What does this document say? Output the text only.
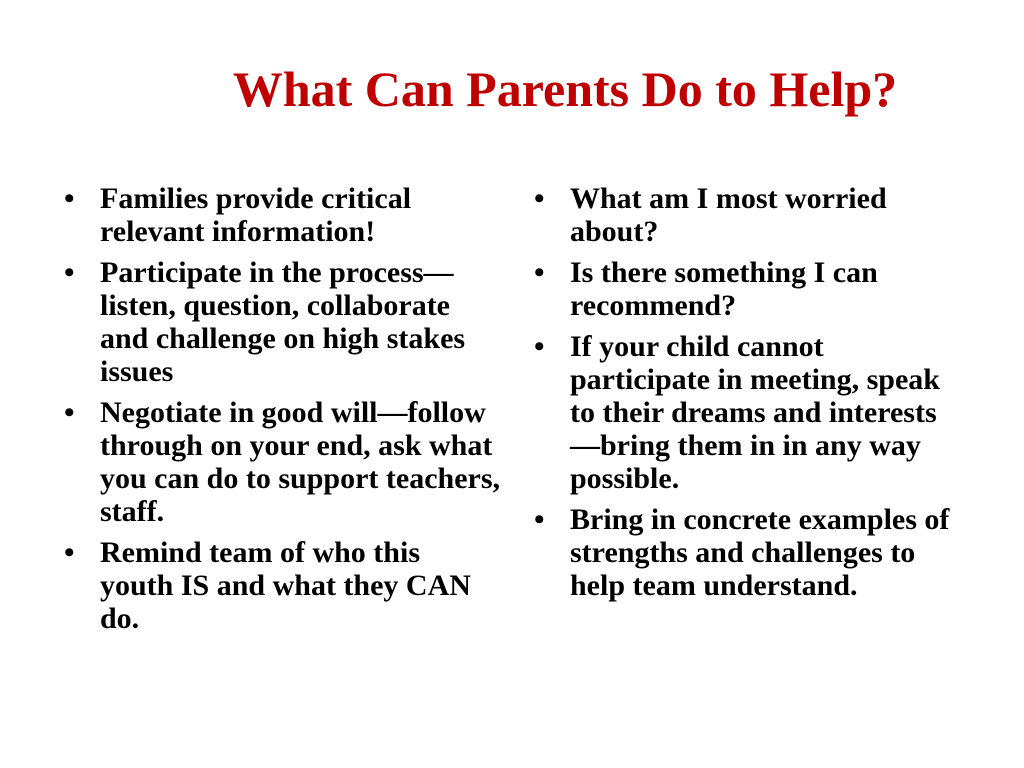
What Can Parents Do to Help?
• Families provide critical relevant information!
• Participate in the process—listen, question, collaborate and challenge on high stakes issues
• Negotiate in good will—follow through on your end, ask what you can do to support teachers, staff.
• Remind team of who this youth IS and what they CAN do.
• What am I most worried about?
• Is there something I can recommend?
• If your child cannot participate in meeting, speak to their dreams and interests—bring them in in any way possible.
• Bring in concrete examples of strengths and challenges to help team understand.
